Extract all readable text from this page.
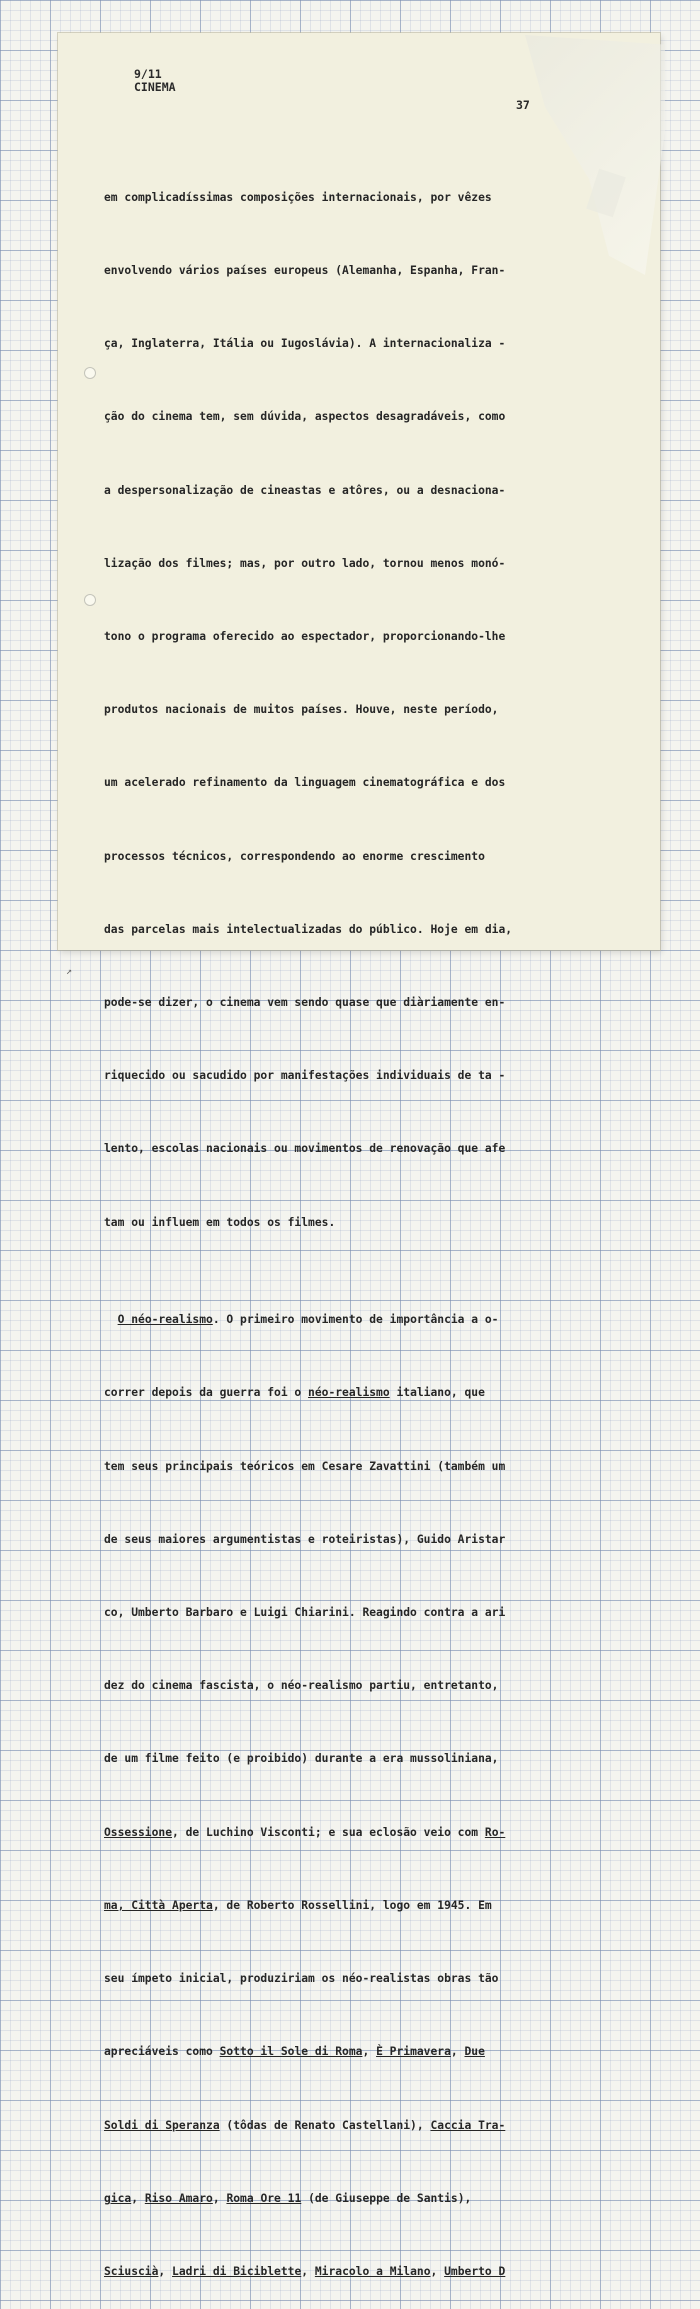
9/11
CINEMA
37

em complicadíssimas composições internacionais, por vêzes

envolvendo vários países europeus (Alemanha, Espanha, Fran-

ça, Inglaterra, Itália ou Iugoslávia). A internacionaliza -

ção do cinema tem, sem dúvida, aspectos desagradáveis, como

a despersonalização de cineastas e atôres, ou a desnaciona-

lização dos filmes; mas, por outro lado, tornou menos monó-

tono o programa oferecido ao espectador, proporcionando-lhe

produtos nacionais de muitos países. Houve, neste período,

um acelerado refinamento da linguagem cinematográfica e dos

processos técnicos, correspondendo ao enorme crescimento

das parcelas mais intelectualizadas do público. Hoje em dia,

pode-se dizer, o cinema vem sendo quase que diàriamente en-

riquecido ou sacudido por manifestações individuais de ta -

lento, escolas nacionais ou movimentos de renovação que afe

tam ou influem em todos os filmes.

O néo-realismo. O primeiro movimento de importância a o-

correr depois da guerra foi o néo-realismo italiano, que

tem seus principais teóricos em Cesare Zavattini (também um

de seus maiores argumentistas e roteiristas), Guido Aristar

co, Umberto Barbaro e Luigi Chiarini. Reagindo contra a ari

dez do cinema fascista, o néo-realismo partiu, entretanto,

de um filme feito (e proibido) durante a era mussoliniana,

Ossessione, de Luchino Visconti; e sua eclosão veio com Ro-

ma, Città Aperta, de Roberto Rossellini, logo em 1945. Em

seu ímpeto inicial, produziriam os néo-realistas obras tão

apreciáveis como Sotto il Sole di Roma, È Primavera, Due

Soldi di Speranza (tôdas de Renato Castellani), Caccia Tra-

gica, Riso Amaro, Roma Ore 11 (de Giuseppe de Santis),

Sciuscià, Ladri di Biciblette, Miracolo a Milano, Umberto D

↗
